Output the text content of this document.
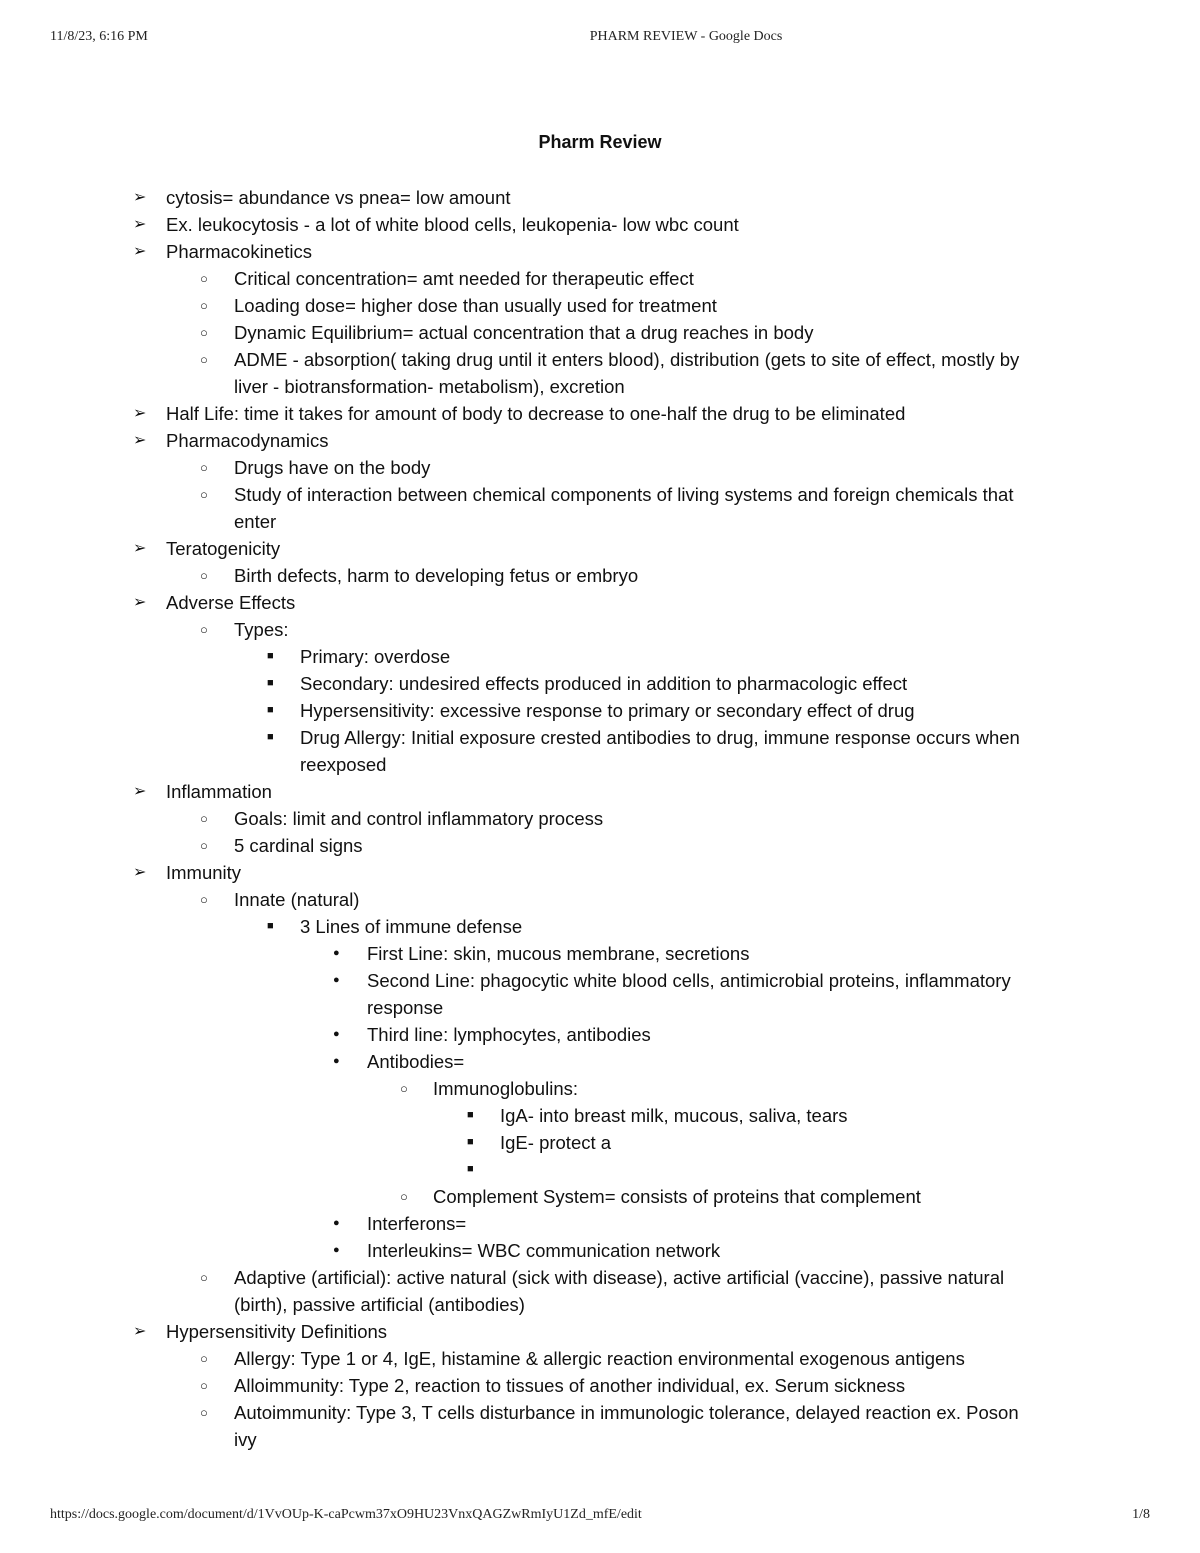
11/8/23, 6:16 PM	PHARM REVIEW - Google Docs
Pharm Review
➢ cytosis= abundance vs pnea= low amount
➢ Ex. leukocytosis - a lot of white blood cells, leukopenia- low wbc count
➢ Pharmacokinetics
○ Critical concentration= amt needed for therapeutic effect
○ Loading dose= higher dose than usually used for treatment
○ Dynamic Equilibrium= actual concentration that a drug reaches in body
○ ADME - absorption( taking drug until it enters blood), distribution (gets to site of effect, mostly by
liver - biotransformation- metabolism), excretion
➢ Half Life: time it takes for amount of body to decrease to one-half the drug to be eliminated
➢ Pharmacodynamics
○ Drugs have on the body
○ Study of interaction between chemical components of living systems and foreign chemicals that
enter
➢ Teratogenicity
○ Birth defects, harm to developing fetus or embryo
➢ Adverse Effects
○ Types:
■ Primary: overdose
■ Secondary: undesired effects produced in addition to pharmacologic effect
■ Hypersensitivity: excessive response to primary or secondary effect of drug
■ Drug Allergy: Initial exposure crested antibodies to drug, immune response occurs when
reexposed
➢ Inflammation
○ Goals: limit and control inflammatory process
○ 5 cardinal signs
➢ Immunity
○ Innate (natural)
■ 3 Lines of immune defense
● First Line: skin, mucous membrane, secretions
● Second Line: phagocytic white blood cells, antimicrobial proteins, inflammatory
response
● Third line: lymphocytes, antibodies
● Antibodies=
○ Immunoglobulins:
■ IgA- into breast milk, mucous, saliva, tears
■ IgE- protect a
■
○ Complement System= consists of proteins that complement
● Interferons=
● Interleukins= WBC communication network
○ Adaptive (artificial): active natural (sick with disease), active artificial (vaccine), passive natural
(birth), passive artificial (antibodies)
➢ Hypersensitivity Definitions
○ Allergy: Type 1 or 4, IgE, histamine & allergic reaction environmental exogenous antigens
○ Alloimmunity: Type 2, reaction to tissues of another individual, ex. Serum sickness
○ Autoimmunity: Type 3, T cells disturbance in immunologic tolerance, delayed reaction ex. Poson
ivy
https://docs.google.com/document/d/1VvOUp-K-caPcwm37xO9HU23VnxQAGZwRmIyU1Zd_mfE/edit	1/8
